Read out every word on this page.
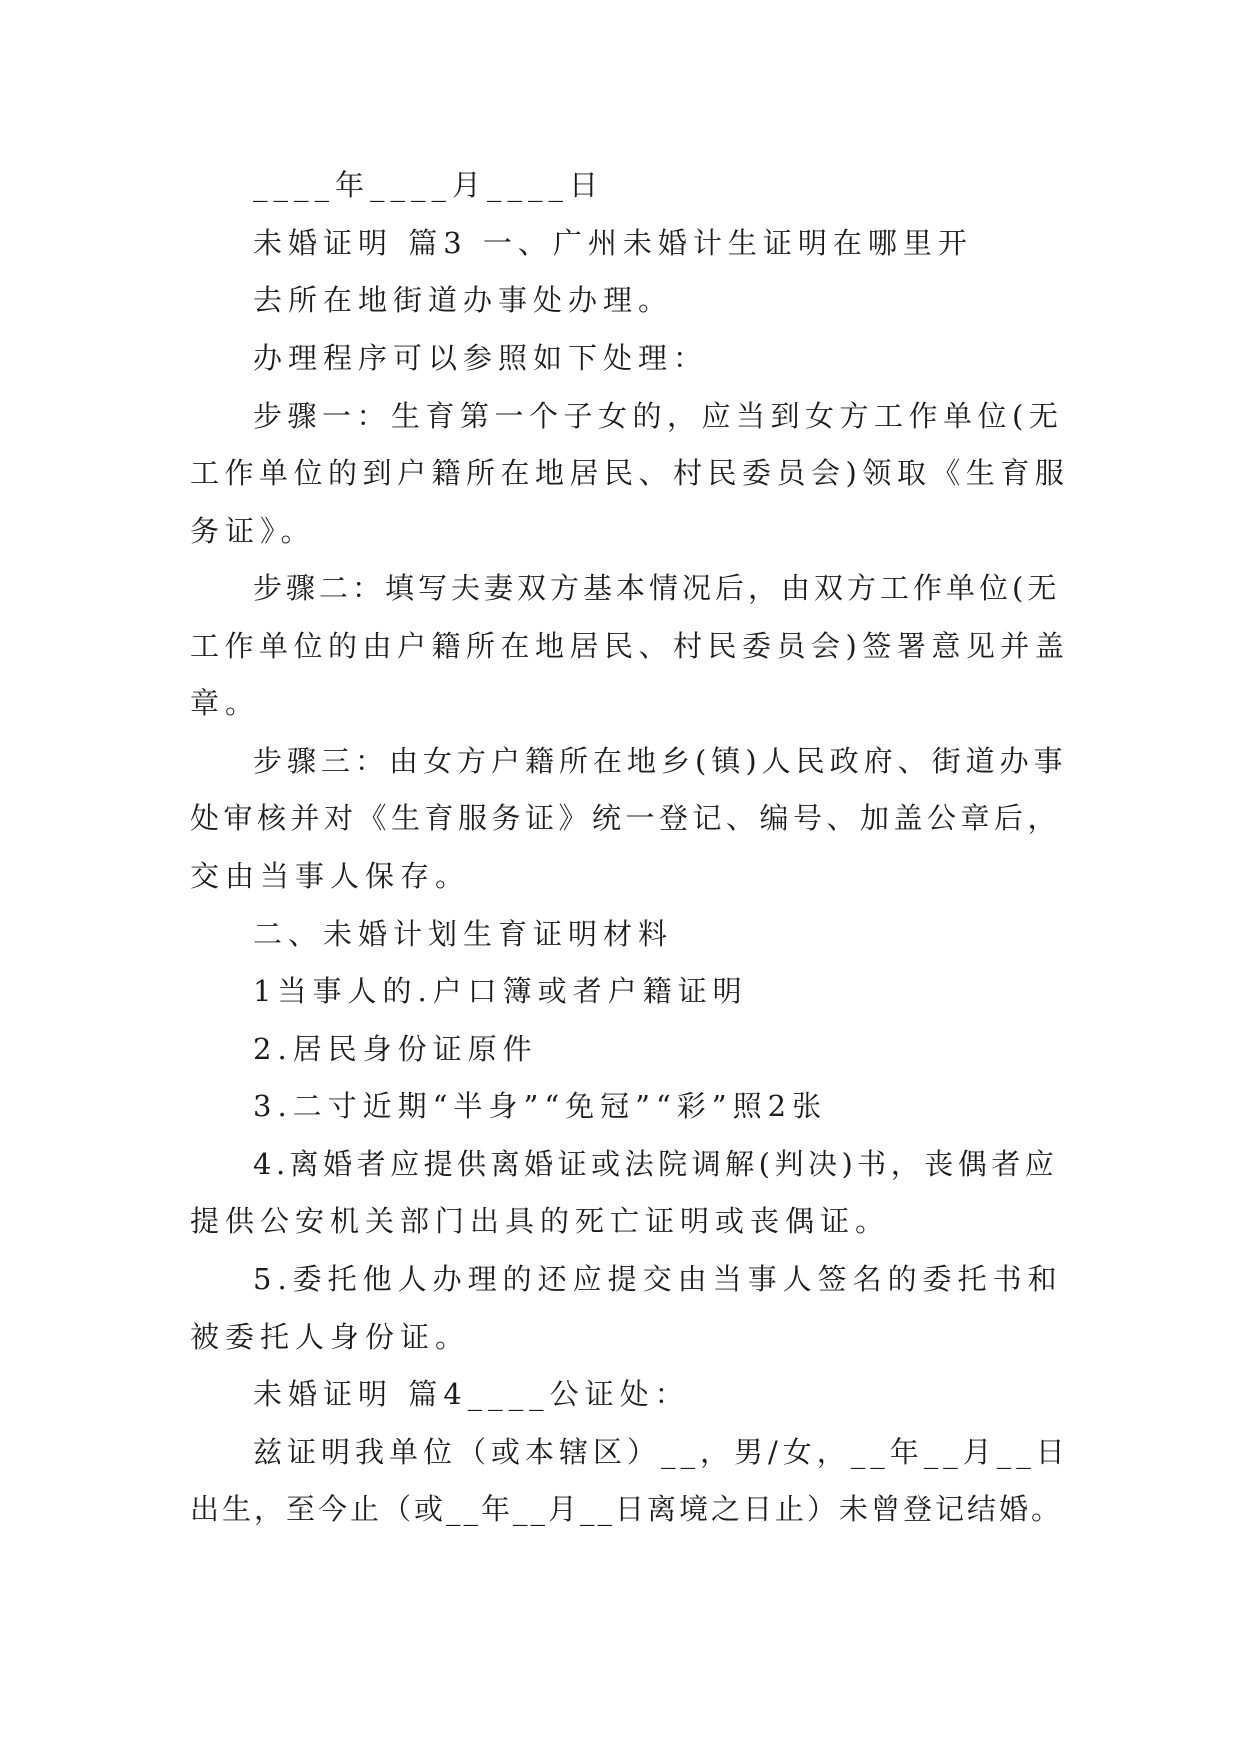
____年____月____日
未婚证明 篇3 一、广州未婚计生证明在哪里开
去所在地街道办事处办理。
办理程序可以参照如下处理：
步骤一：生育第一个子女的，应当到女方工作单位(无
工作单位的到户籍所在地居民、村民委员会)领取《生育服
务证》。
步骤二：填写夫妻双方基本情况后，由双方工作单位(无
工作单位的由户籍所在地居民、村民委员会)签署意见并盖
章。
步骤三：由女方户籍所在地乡(镇)人民政府、街道办事
处审核并对《生育服务证》统一登记、编号、加盖公章后，
交由当事人保存。
二、未婚计划生育证明材料
1当事人的.户口簿或者户籍证明
2.居民身份证原件
3.二寸近期“半身”“免冠”“彩”照2张
4.离婚者应提供离婚证或法院调解(判决)书，丧偶者应
提供公安机关部门出具的死亡证明或丧偶证。
5.委托他人办理的还应提交由当事人签名的委托书和
被委托人身份证。
未婚证明 篇4____公证处：
兹证明我单位（或本辖区）__，男/女，__年__月__日
出生，至今止（或__年__月__日离境之日止）未曾登记结婚。
